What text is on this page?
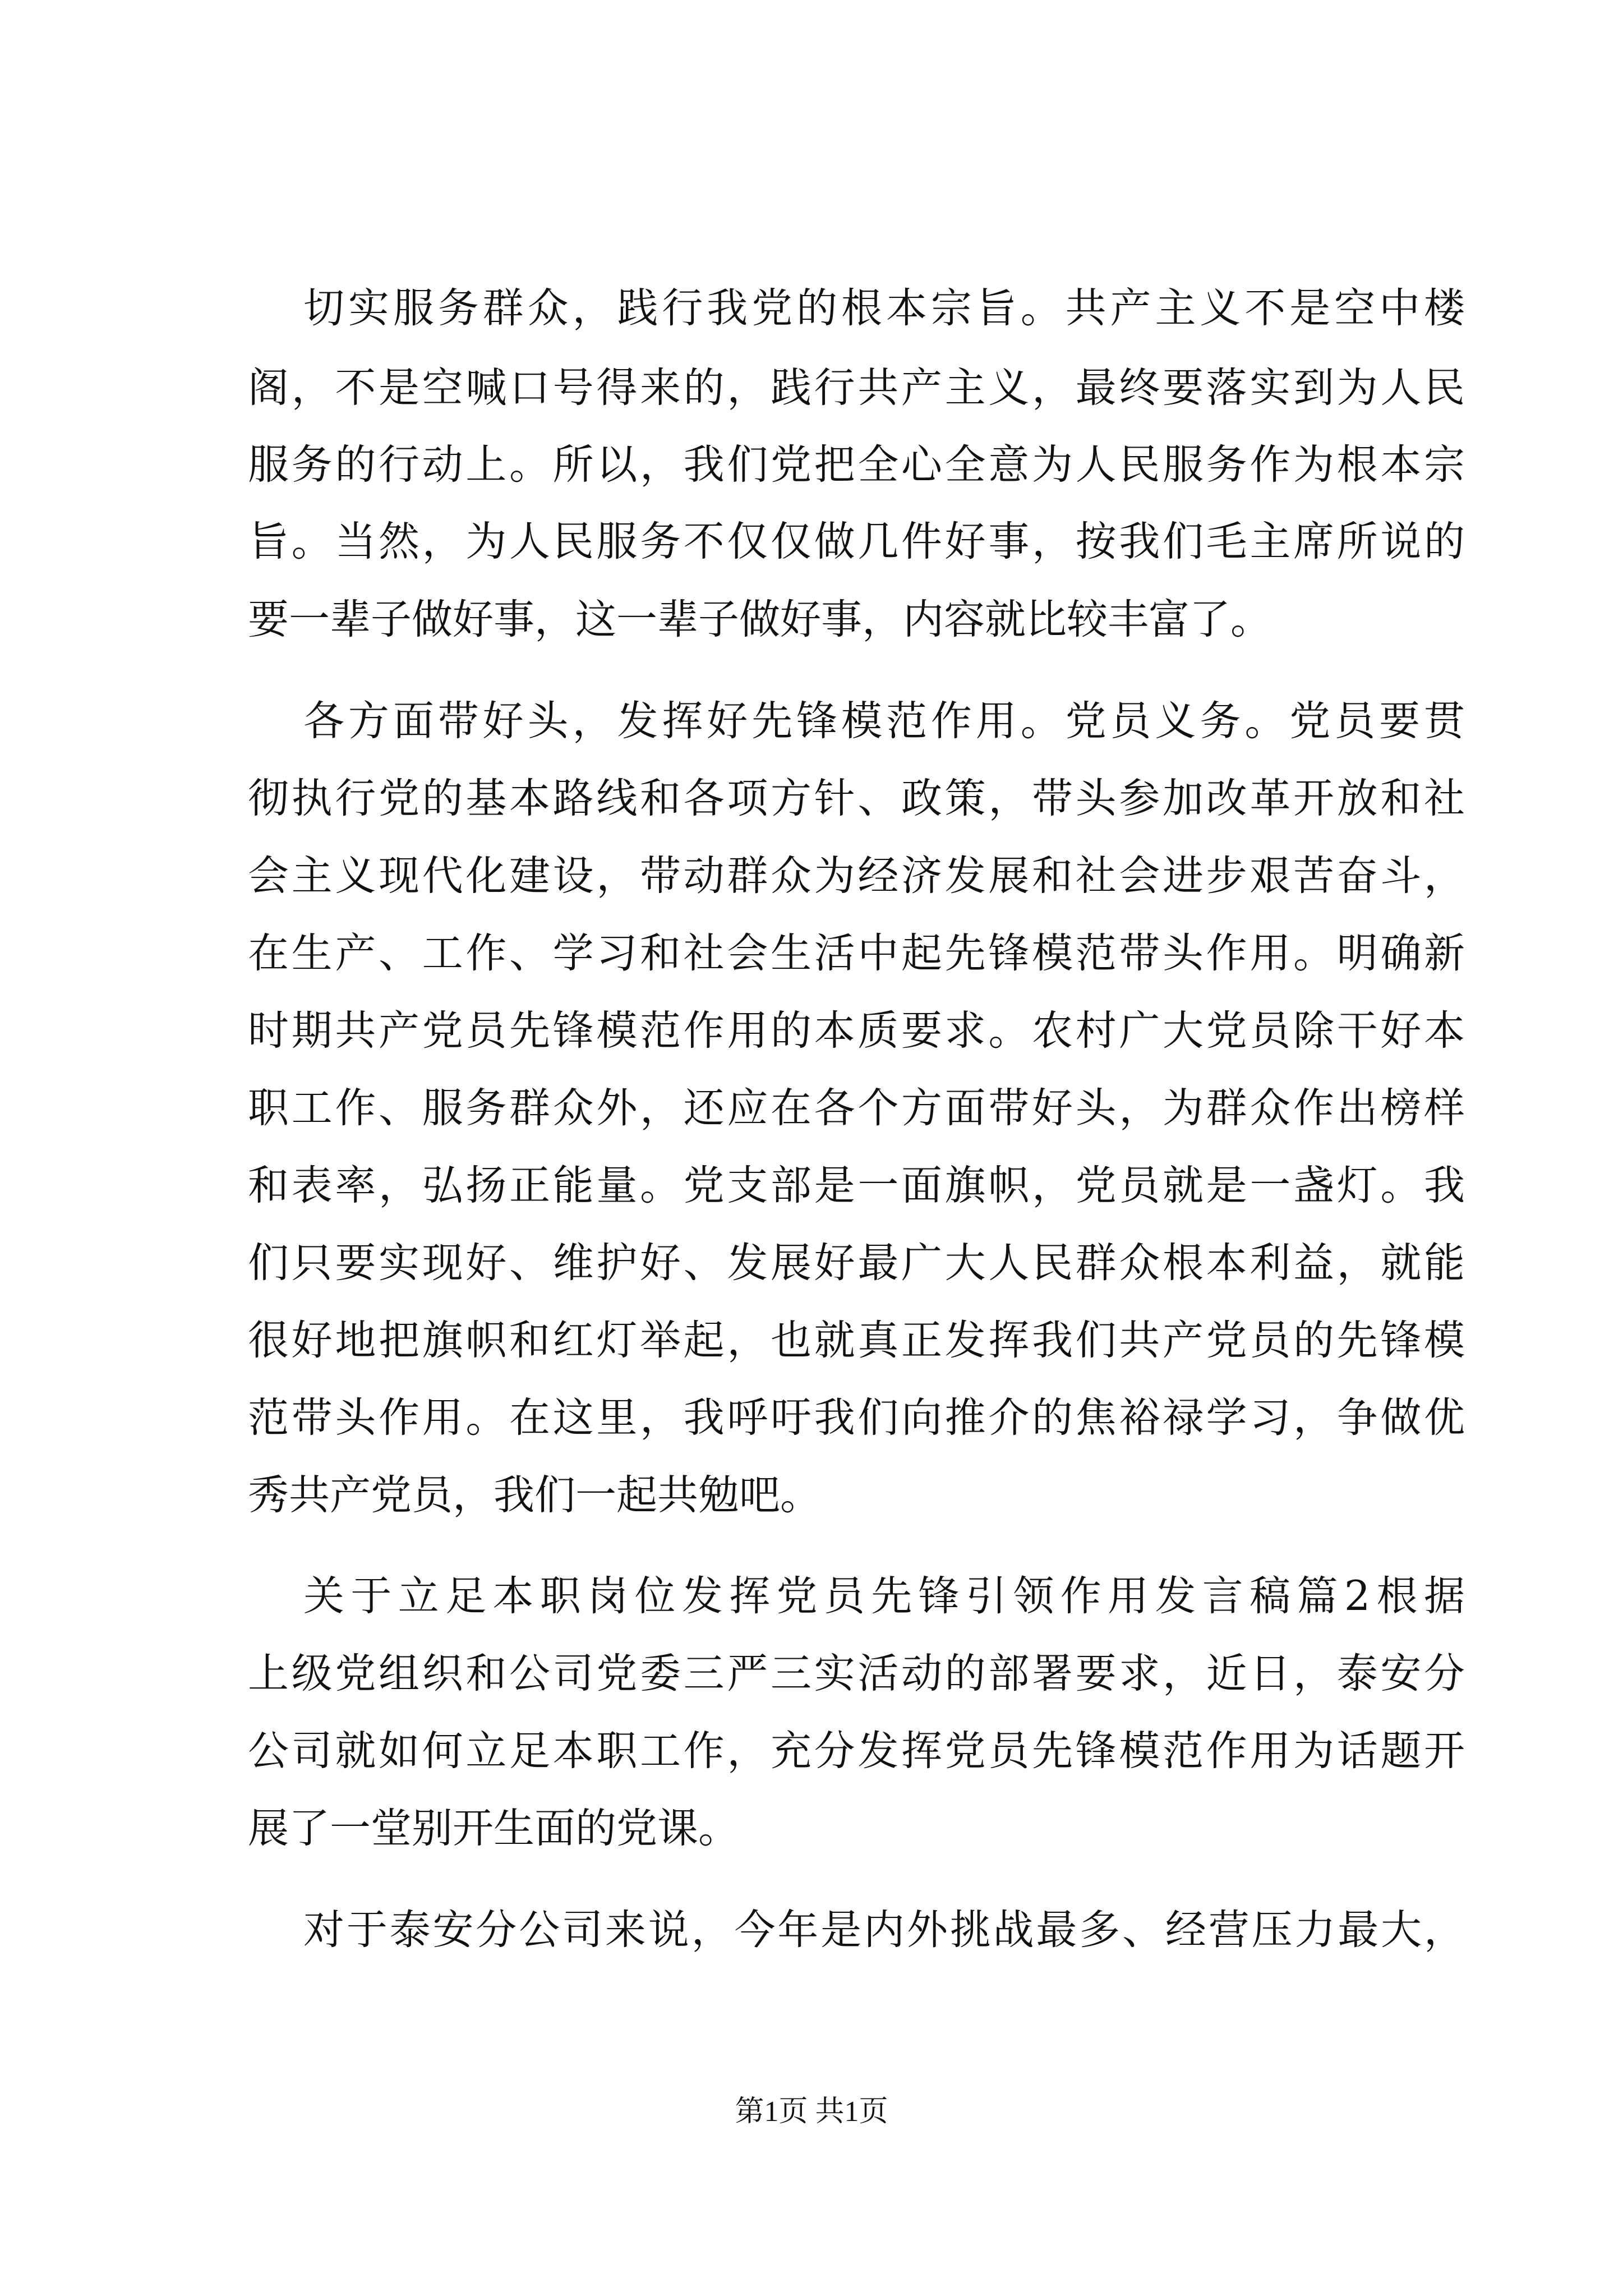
切实服务群众，践行我党的根本宗旨。共产主义不是空中楼
阁，不是空喊口号得来的，践行共产主义，最终要落实到为人民
服务的行动上。所以，我们党把全心全意为人民服务作为根本宗
旨。当然，为人民服务不仅仅做几件好事，按我们毛主席所说的
要一辈子做好事，这一辈子做好事，内容就比较丰富了。
各方面带好头，发挥好先锋模范作用。党员义务。党员要贯
彻执行党的基本路线和各项方针、政策，带头参加改革开放和社
会主义现代化建设，带动群众为经济发展和社会进步艰苦奋斗，
在生产、工作、学习和社会生活中起先锋模范带头作用。明确新
时期共产党员先锋模范作用的本质要求。农村广大党员除干好本
职工作、服务群众外，还应在各个方面带好头，为群众作出榜样
和表率，弘扬正能量。党支部是一面旗帜，党员就是一盏灯。我
们只要实现好、维护好、发展好最广大人民群众根本利益，就能
很好地把旗帜和红灯举起，也就真正发挥我们共产党员的先锋模
范带头作用。在这里，我呼吁我们向推介的焦裕禄学习，争做优
秀共产党员，我们一起共勉吧。
关于立足本职岗位发挥党员先锋引领作用发言稿篇2根据
上级党组织和公司党委三严三实活动的部署要求，近日，泰安分
公司就如何立足本职工作，充分发挥党员先锋模范作用为话题开
展了一堂别开生面的党课。
对于泰安分公司来说，今年是内外挑战最多、经营压力最大，
第1页 共1页
